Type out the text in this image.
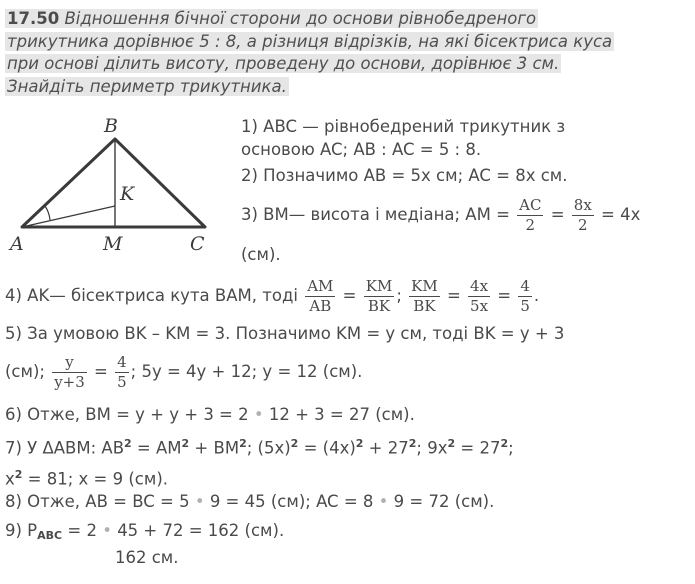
17.50 Відношення бічної сторони до основи рівнобедреного
трикутника дорівнює 5 : 8, а різниця відрізків, на які бісектриса куса
при основі ділить висоту, проведену до основи, дорівнює 3 см.
Знайдіть периметр трикутника.
B
K
A	M	C
1) ABC — рівнобедрений трикутник з
основою AC; AB : AC = 5 : 8.
2) Позначимо AB = 5x см; AC = 8x см.
3) BM— висота і медіана; AM = $\frac{AC}{2} = \frac{8x}{2} = 4x$
(см).
4) AK— бісектриса кута BAM, тоді $\frac{AM}{AB} = \frac{KM}{BK}$ ; $\frac{KM}{BK} = \frac{4x}{5x} = \frac{4}{5}$ .
5) За умовою BK – KM = 3. Позначимо KM = y см, тоді BK = y + 3
(см); $\frac{y}{y+3} = \frac{4}{5}$ ; 5y = 4y + 12; y = 12 (см).
6) Отже, BM = y + y + 3 = 2 • 12 + 3 = 27 (см).
7) У ΔABM: $AB^2 = AM^2 + BM^2$; $(5x)^2 = (4x)^2 + 27^2$; $9x^2 = 27^2$;
$x^2 = 81$; x = 9 (см).
8) Отже, AB = BC = 5 • 9 = 45 (см); AC = 8 • 9 = 72 (см).
9) $P_{ABC} = 2$ • 45 + 72 = 162 (см).
162 см.
